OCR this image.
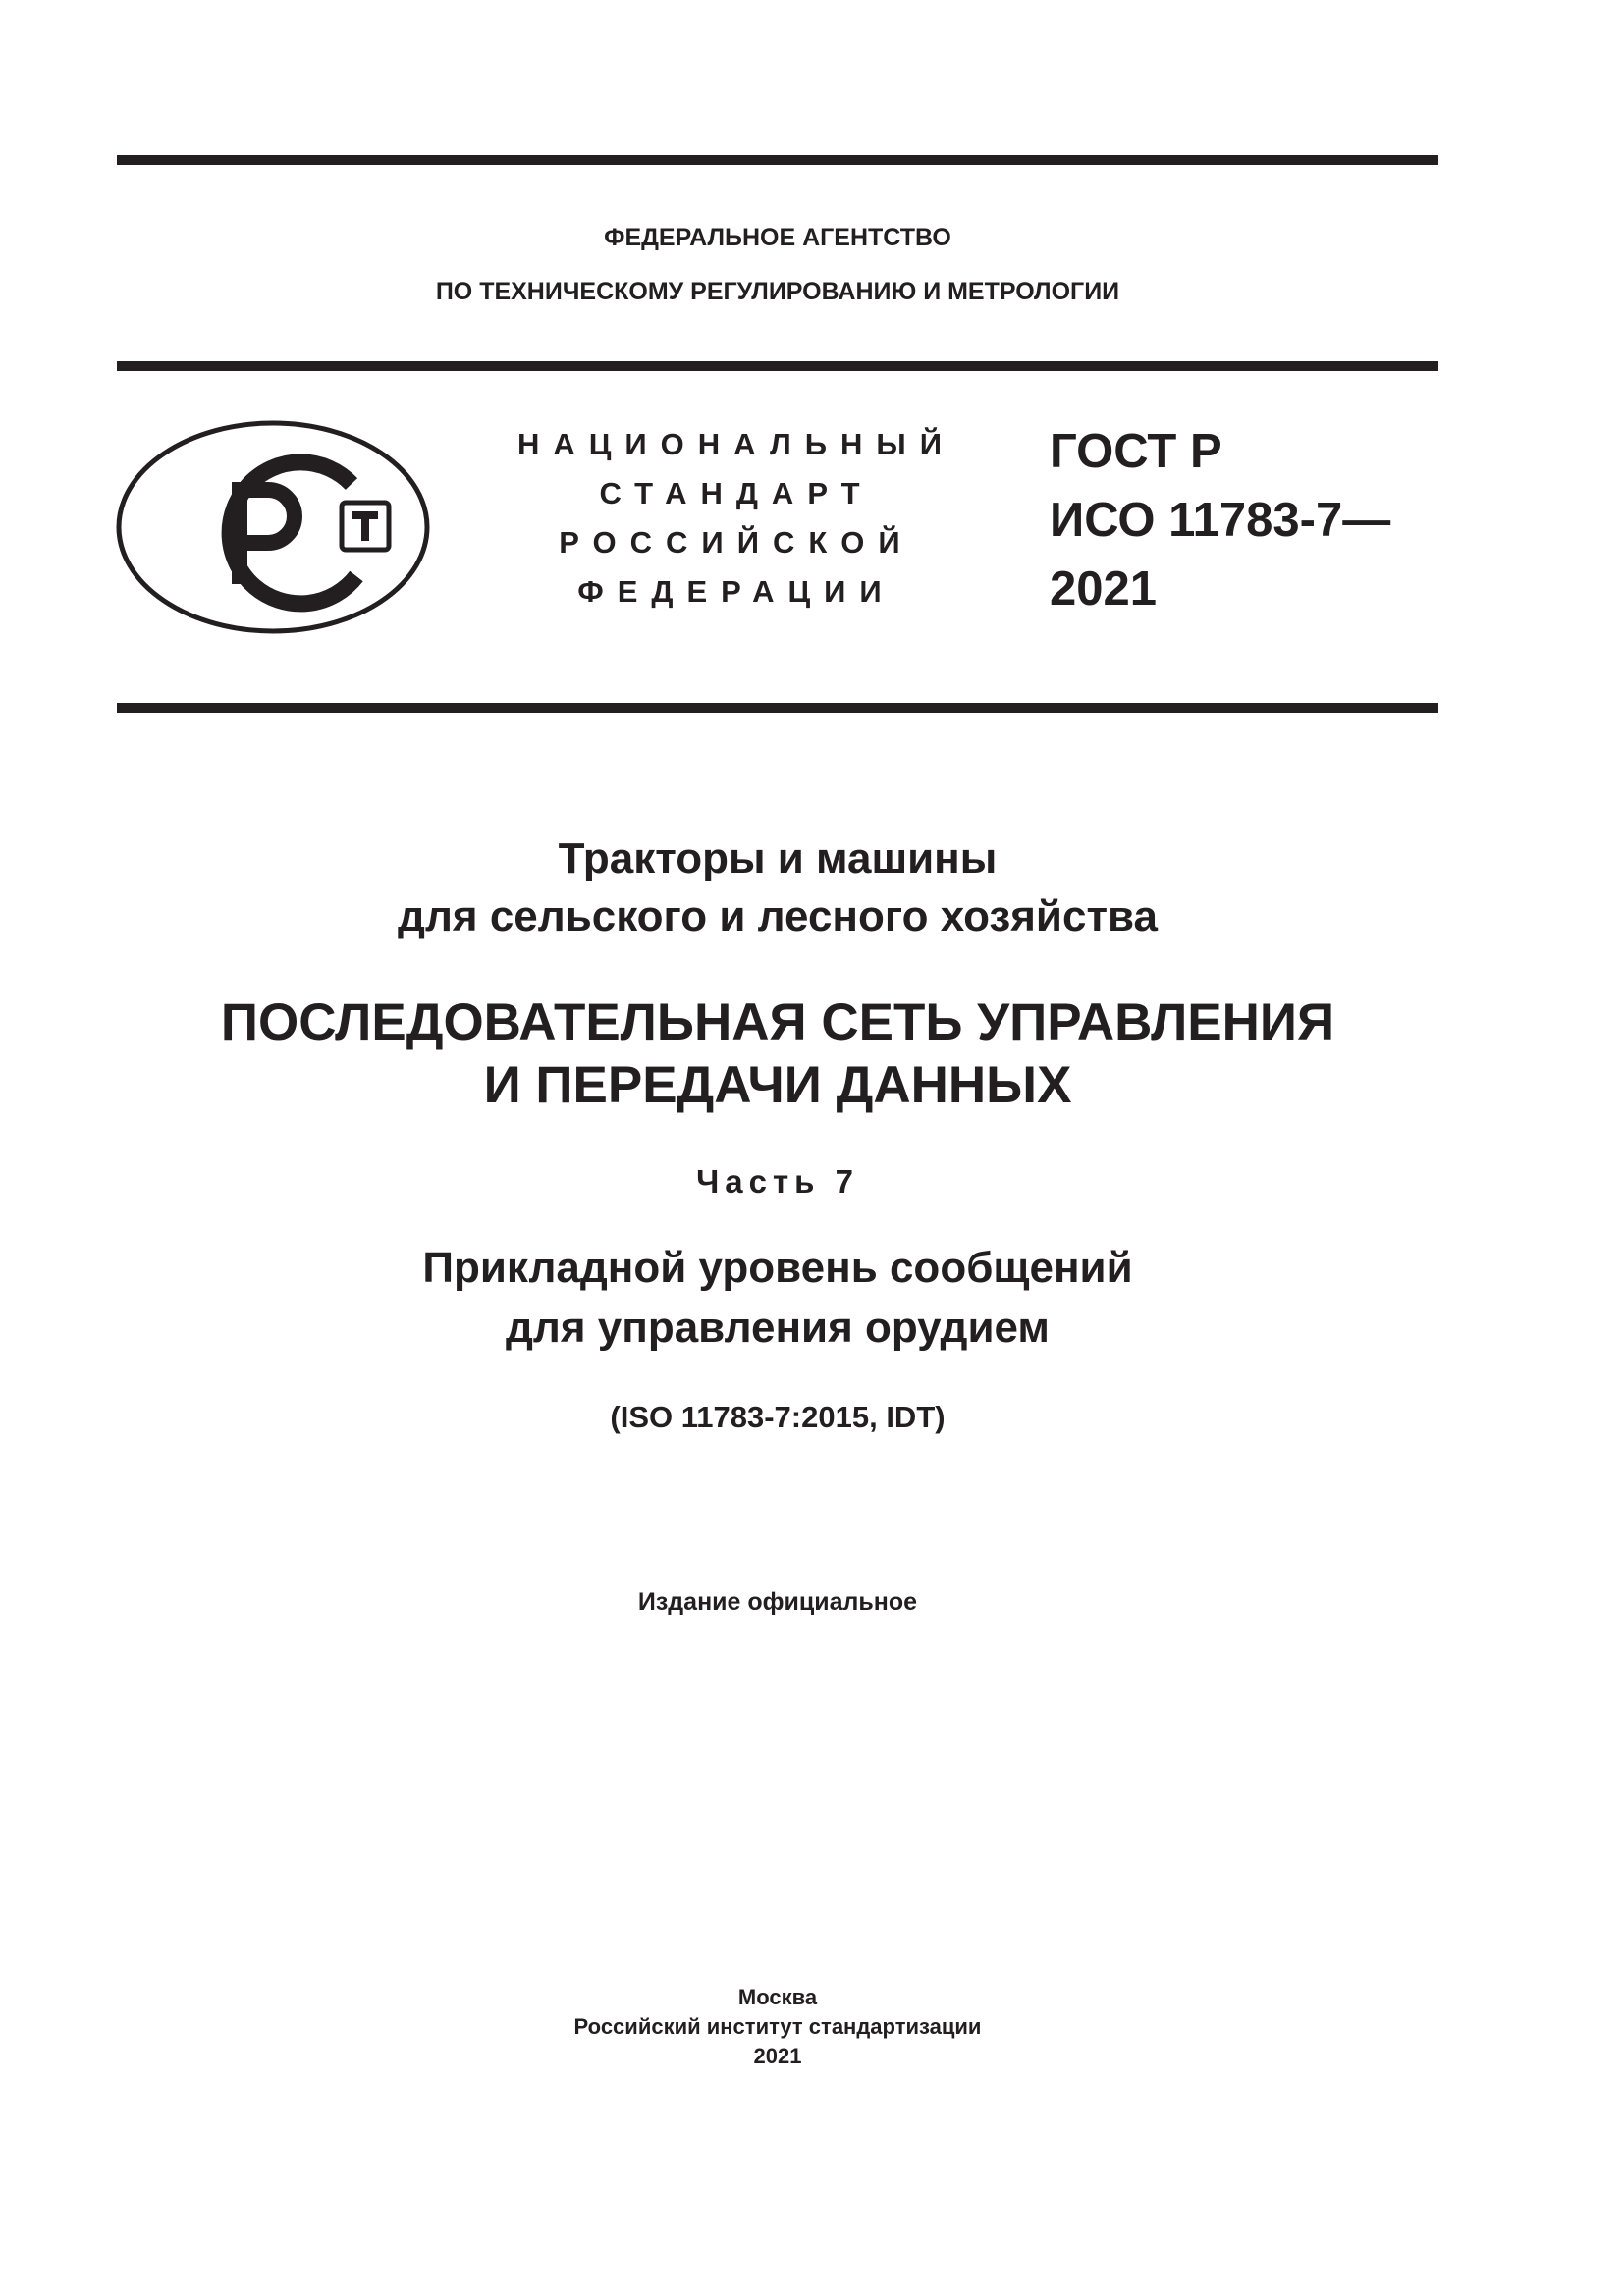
ФЕДЕРАЛЬНОЕ АГЕНТСТВО
ПО ТЕХНИЧЕСКОМУ РЕГУЛИРОВАНИЮ И МЕТРОЛОГИИ
НАЦИОНАЛЬНЫЙ
СТАНДАРТ
РОССИЙСКОЙ
ФЕДЕРАЦИИ
ГОСТ Р
ИСО 11783-7—
2021
Тракторы и машины
для сельского и лесного хозяйства
ПОСЛЕДОВАТЕЛЬНАЯ СЕТЬ УПРАВЛЕНИЯ
И ПЕРЕДАЧИ ДАННЫХ
Часть 7
Прикладной уровень сообщений
для управления орудием
(ISO 11783-7:2015, IDT)
Издание официальное
Москва
Российский институт стандартизации
2021
